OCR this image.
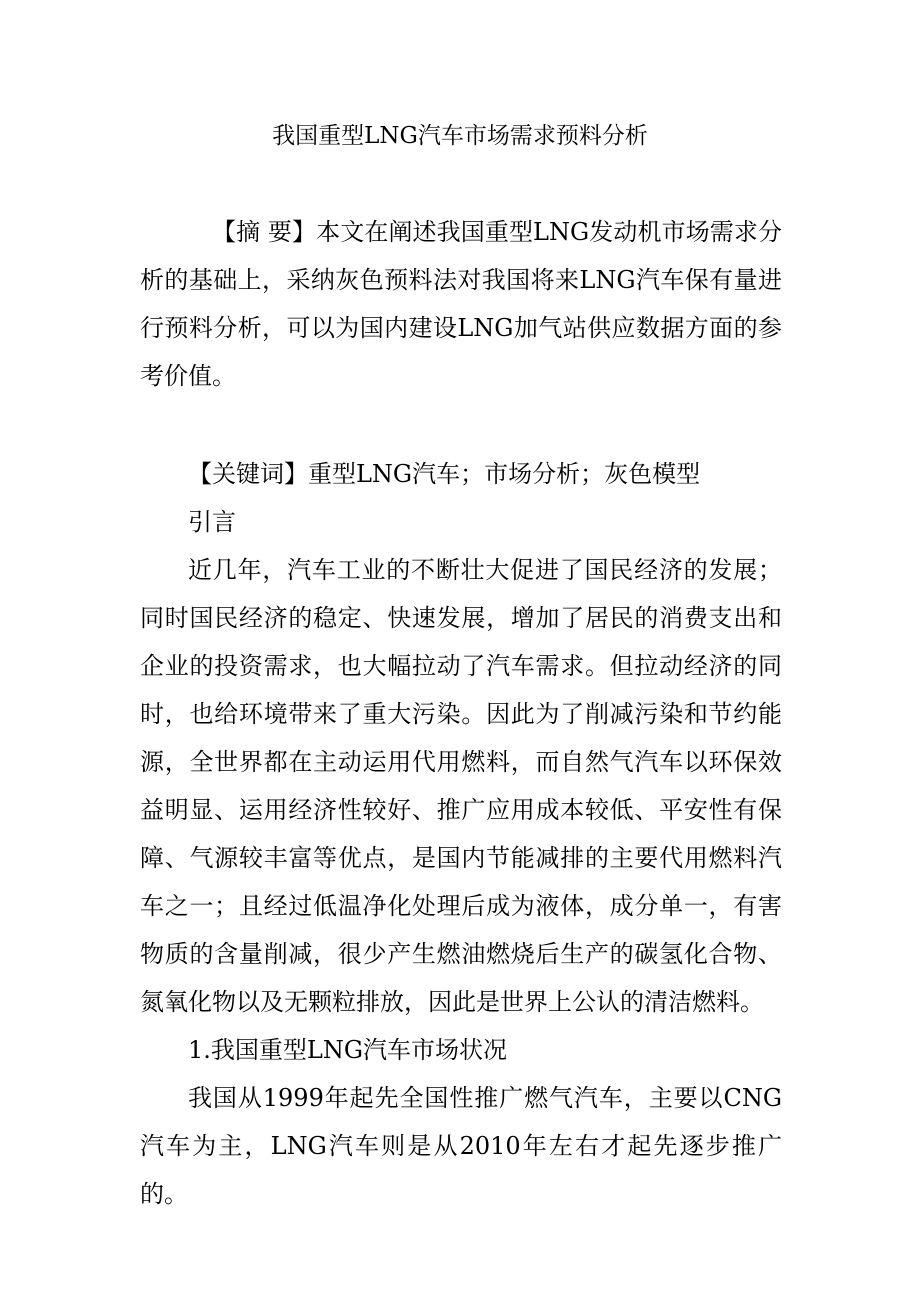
我国重型LNG汽车市场需求预料分析

【摘 要】本文在阐述我国重型LNG发动机市场需求分析的基础上，采纳灰色预料法对我国将来LNG汽车保有量进行预料分析，可以为国内建设LNG加气站供应数据方面的参考价值。

【关键词】重型LNG汽车；市场分析；灰色模型

引言

近几年，汽车工业的不断壮大促进了国民经济的发展；同时国民经济的稳定、快速发展，增加了居民的消费支出和企业的投资需求，也大幅拉动了汽车需求。但拉动经济的同时，也给环境带来了重大污染。因此为了削减污染和节约能源，全世界都在主动运用代用燃料，而自然气汽车以环保效益明显、运用经济性较好、推广应用成本较低、平安性有保障、气源较丰富等优点，是国内节能减排的主要代用燃料汽车之一；且经过低温净化处理后成为液体，成分单一，有害物质的含量削减，很少产生燃油燃烧后生产的碳氢化合物、氮氧化物以及无颗粒排放，因此是世界上公认的清洁燃料。

1.我国重型LNG汽车市场状况

我国从1999年起先全国性推广燃气汽车，主要以CNG汽车为主，LNG汽车则是从2010年左右才起先逐步推广的。
